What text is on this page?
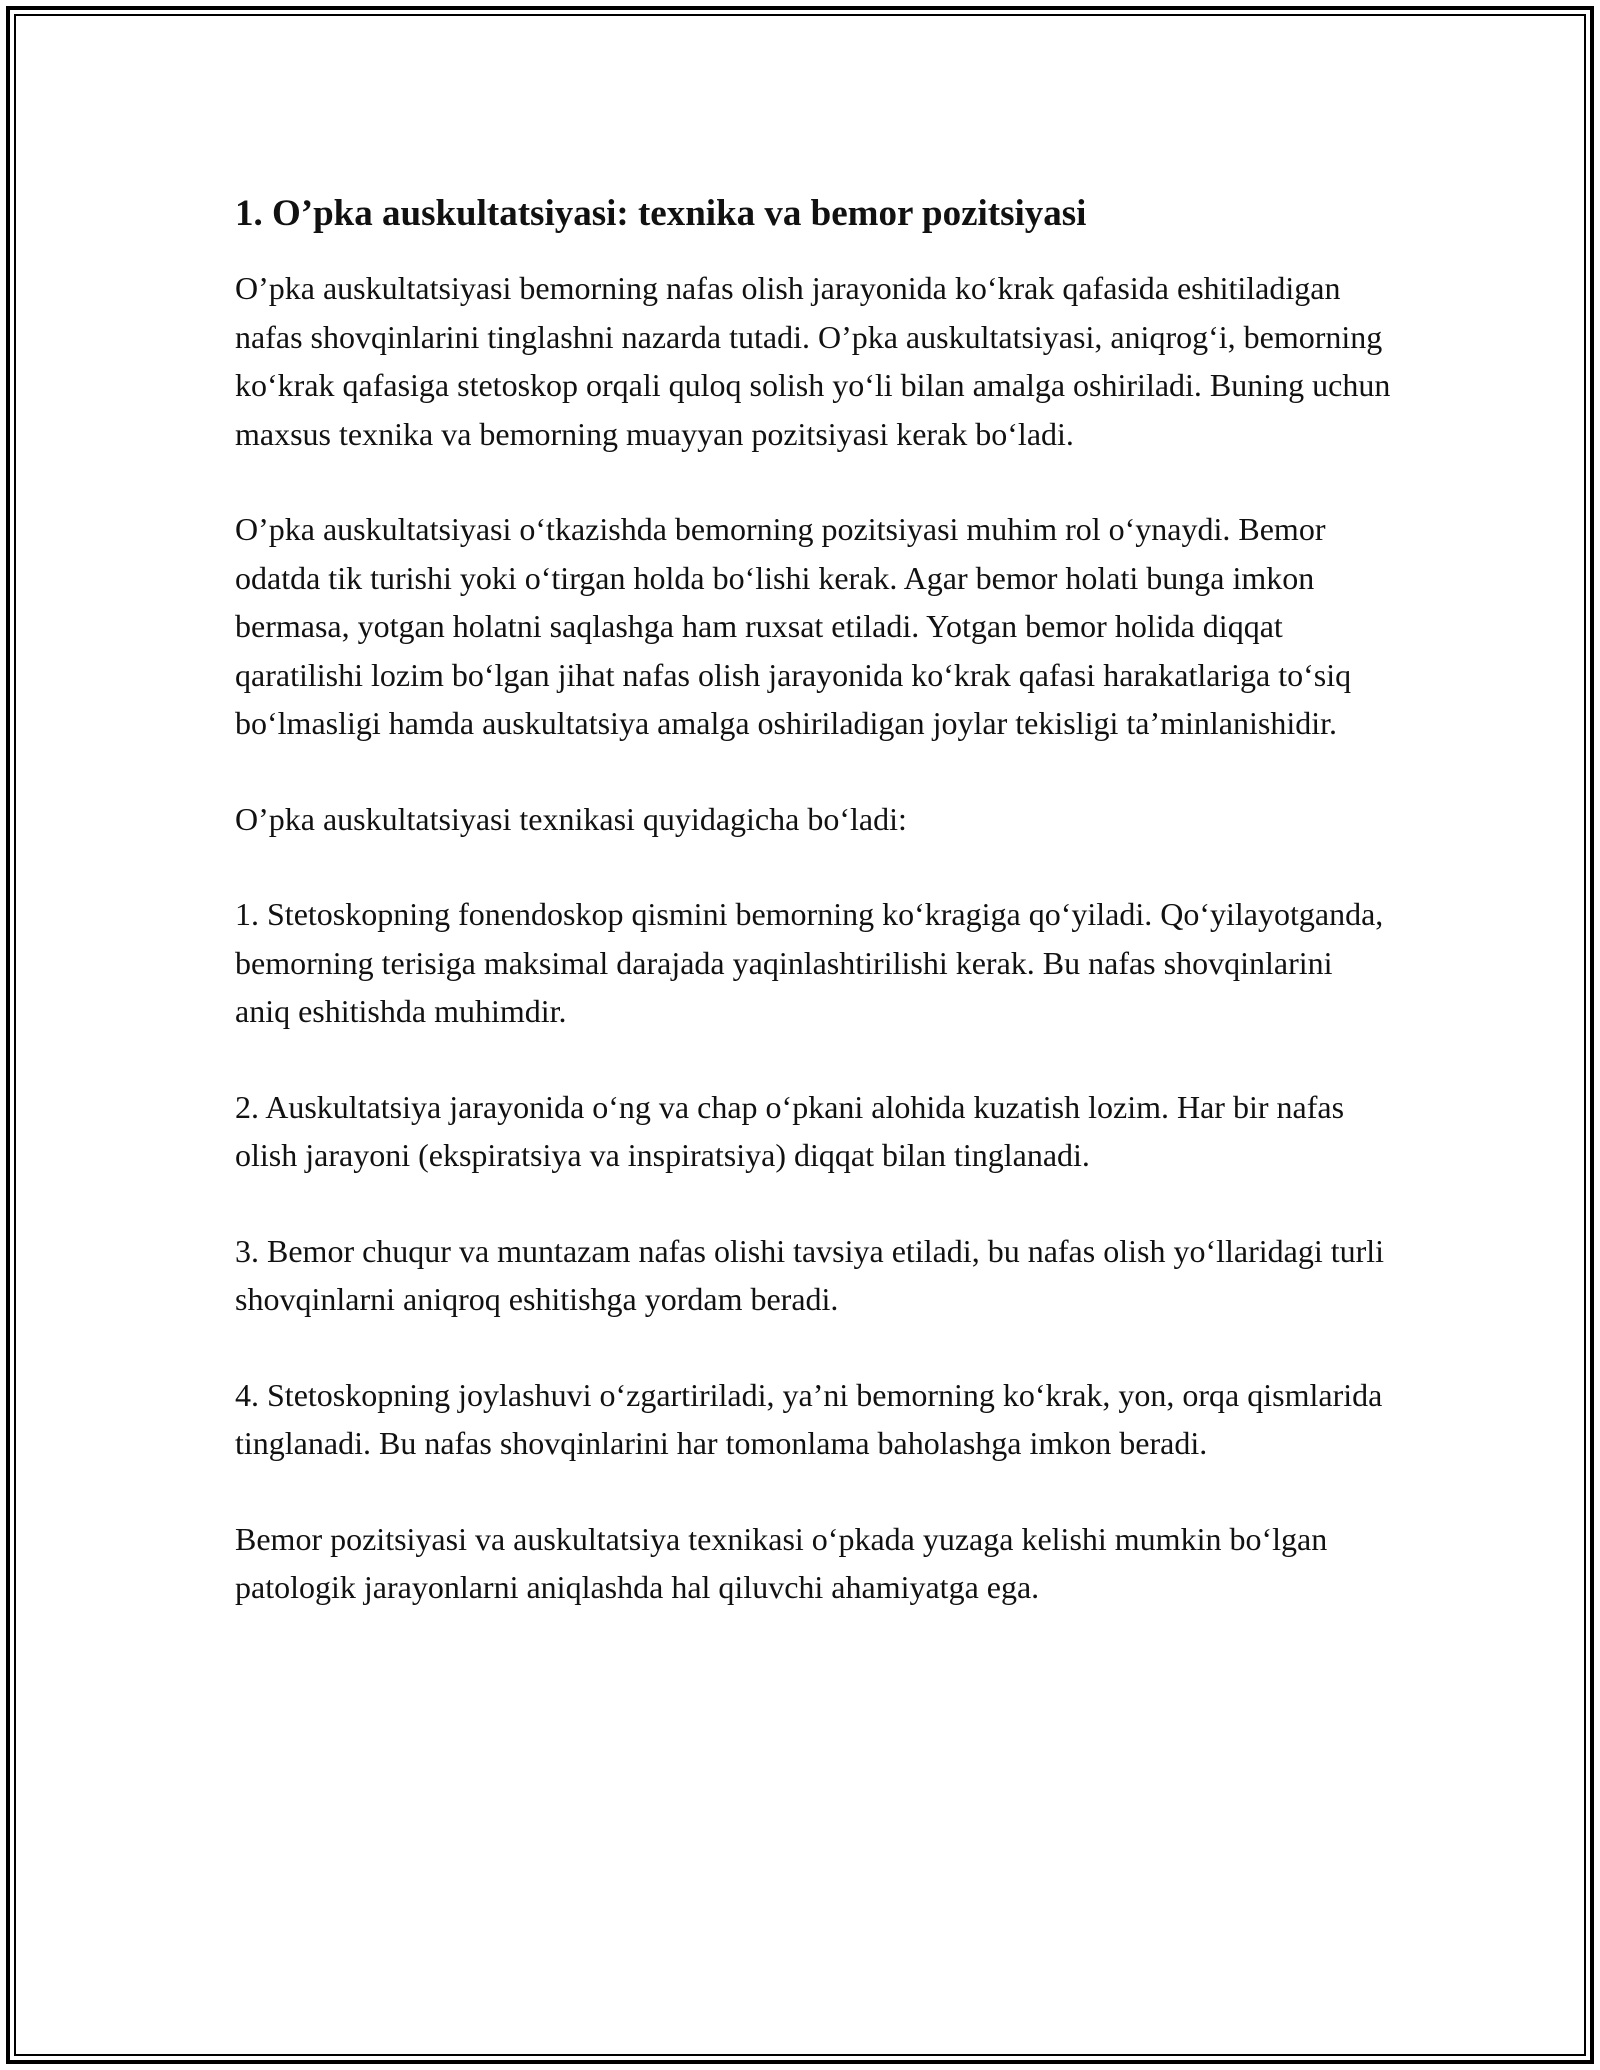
1. O’pka auskultatsiyasi: texnika va bemor pozitsiyasi

O’pka auskultatsiyasi bemorning nafas olish jarayonida ko‘krak qafasida eshitiladigan nafas shovqinlarini tinglashni nazarda tutadi. O’pka auskultatsiyasi, aniqrog‘i, bemorning ko‘krak qafasiga stetoskop orqali quloq solish yo‘li bilan amalga oshiriladi. Buning uchun maxsus texnika va bemorning muayyan pozitsiyasi kerak bo‘ladi.

O’pka auskultatsiyasi o‘tkazishda bemorning pozitsiyasi muhim rol o‘ynaydi. Bemor odatda tik turishi yoki o‘tirgan holda bo‘lishi kerak. Agar bemor holati bunga imkon bermasa, yotgan holatni saqlashga ham ruxsat etiladi. Yotgan bemor holida diqqat qaratilishi lozim bo‘lgan jihat nafas olish jarayonida ko‘krak qafasi harakatlariga to‘siq bo‘lmasligi hamda auskultatsiya amalga oshiriladigan joylar tekisligi ta’minlanishidir.

O’pka auskultatsiyasi texnikasi quyidagicha bo‘ladi:

1. Stetoskopning fonendoskop qismini bemorning ko‘kragiga qo‘yiladi. Qo‘yilayotganda, bemorning terisiga maksimal darajada yaqinlashtirilishi kerak. Bu nafas shovqinlarini aniq eshitishda muhimdir.

2. Auskultatsiya jarayonida o‘ng va chap o‘pkani alohida kuzatish lozim. Har bir nafas olish jarayoni (ekspiratsiya va inspiratsiya) diqqat bilan tinglanadi.

3. Bemor chuqur va muntazam nafas olishi tavsiya etiladi, bu nafas olish yo‘llaridagi turli shovqinlarni aniqroq eshitishga yordam beradi.

4. Stetoskopning joylashuvi o‘zgartiriladi, ya’ni bemorning ko‘krak, yon, orqa qismlarida tinglanadi. Bu nafas shovqinlarini har tomonlama baholashga imkon beradi.

Bemor pozitsiyasi va auskultatsiya texnikasi o‘pkada yuzaga kelishi mumkin bo‘lgan patologik jarayonlarni aniqlashda hal qiluvchi ahamiyatga ega.
